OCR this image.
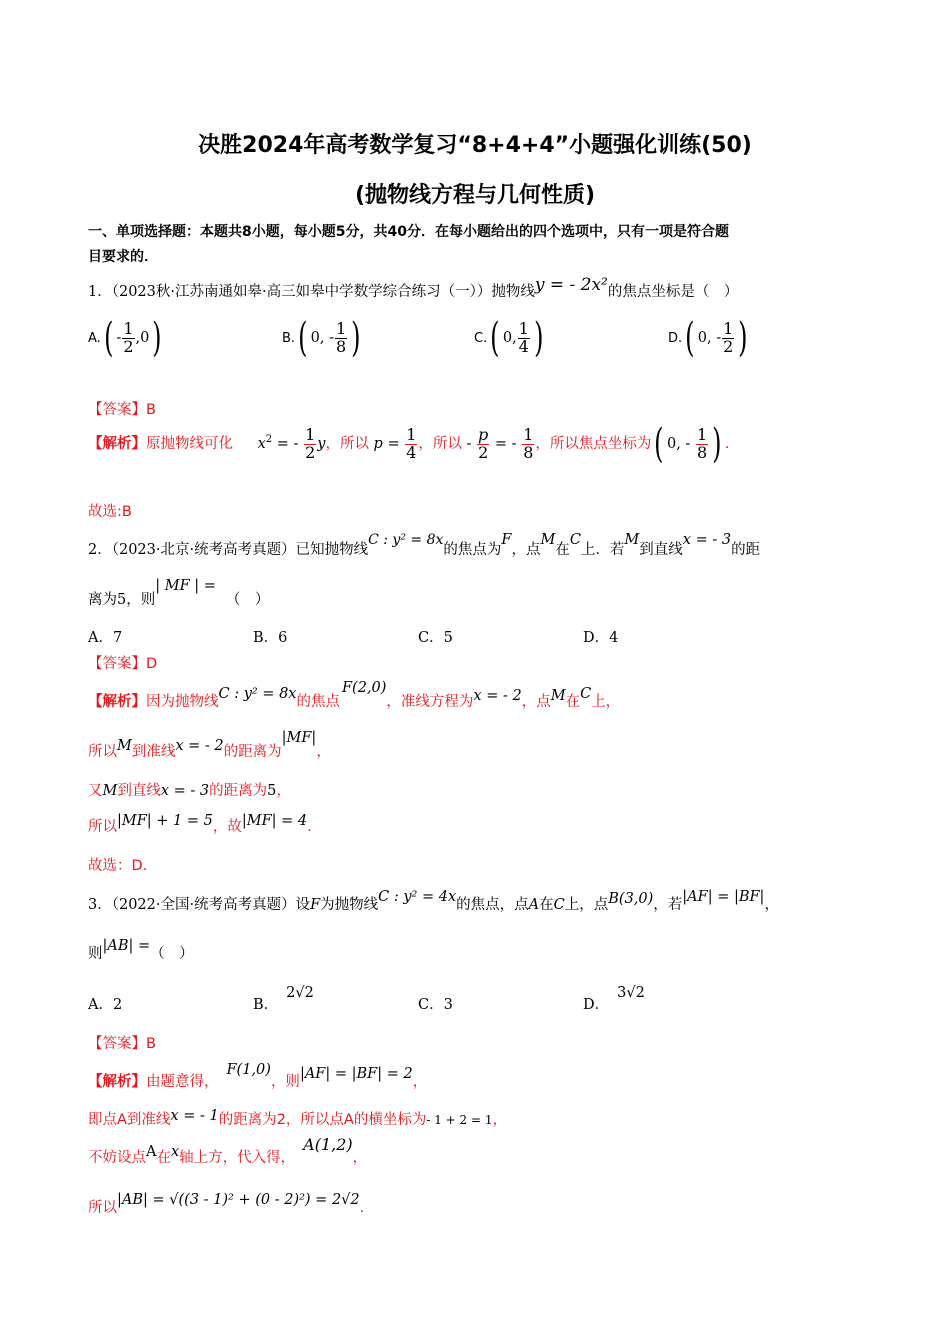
决胜2024年高考数学复习“8+4+4”小题强化训练(50)
(抛物线方程与几何性质)
一、单项选择题：本题共8小题，每小题5分，共40分．在每小题给出的四个选项中，只有一项是符合题
目要求的．
1．（2023秋·江苏南通如皋·高三如皋中学数学综合练习（一））抛物线y = - 2x²的焦点坐标是（　）
$A.( - \frac{1}{2} ,0)$	B.( 0, - $\frac{1}{8}$ )	C.( 0, $\frac{1}{4}$ )	D.( 0, - $\frac{1}{2}$ )
【答案】B
【解析】原抛物线可化 $x^2$ = - $\frac{1}{2}$ y，所以 $p = \frac{1}{4}$ ，所以 - $\frac{p}{2}$ = - $\frac{1}{8}$ ，所以焦点坐标为( 0, - $\frac{1}{8}$ ) .
故选:B
2．（2023·北京·统考高考真题）已知抛物线C : y² = 8x的焦点为F，点M在C上．若M到直线x = - 3的距
离为5，则| MF | =（　）
A．7	B．6	C．5	D．4
【答案】D
【解析】因为抛物线C : y² = 8x的焦点F(2,0)，准线方程为x = - 2，点M在C上，
所以M到准线x = - 2的距离为|MF|，
又M到直线x = - 3的距离为5，
所以|MF| + 1 = 5，故|MF| = 4．
故选：D．
3．（2022·全国·统考高考真题）设F为抛物线C : y² = 4x的焦点，点A在C上，点B(3,0)，若|AF| = |BF|，
则|AB| =（　）
A．2	B．2√2
C．3	D．3√2
【答案】B
【解析】由题意得，F(1,0)，则|AF| = |BF| = 2，
即点A到准线x = - 1的距离为2，所以点A的横坐标为- 1 + 2 = 1，
不妨设点A在x轴上方，代入得，A(1,2)，
所以|AB| = √((3 - 1)² + (0 - 2)²) = 2√2．
